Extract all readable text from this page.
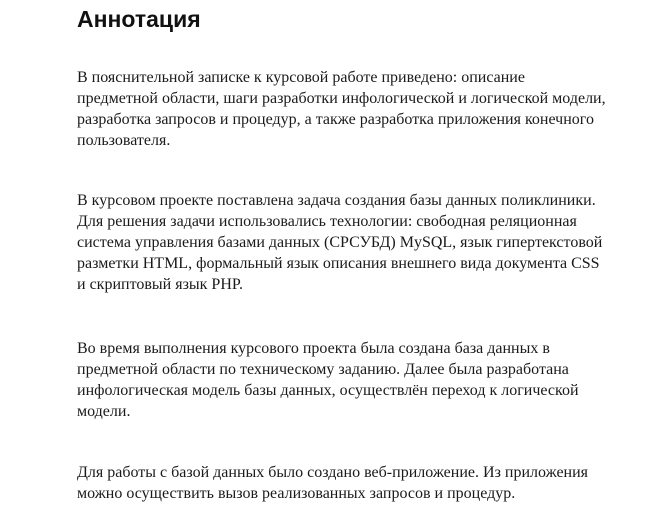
Аннотация

В пояснительной записке к курсовой работе приведено: описание
предметной области, шаги разработки инфологической и логической модели,
разработка запросов и процедур, а также разработка приложения конечного
пользователя.

В курсовом проекте поставлена задача создания базы данных поликлиники.
Для решения задачи использовались технологии: свободная реляционная
система управления базами данных (СРСУБД) MySQL, язык гипертекстовой
разметки HTML, формальный язык описания внешнего вида документа CSS
и скриптовый язык PHP.

Во время выполнения курсового проекта была создана база данных в
предметной области по техническому заданию. Далее была разработана
инфологическая модель базы данных, осуществлён переход к логической
модели.

Для работы с базой данных было создано веб-приложение. Из приложения
можно осуществить вызов реализованных запросов и процедур.
